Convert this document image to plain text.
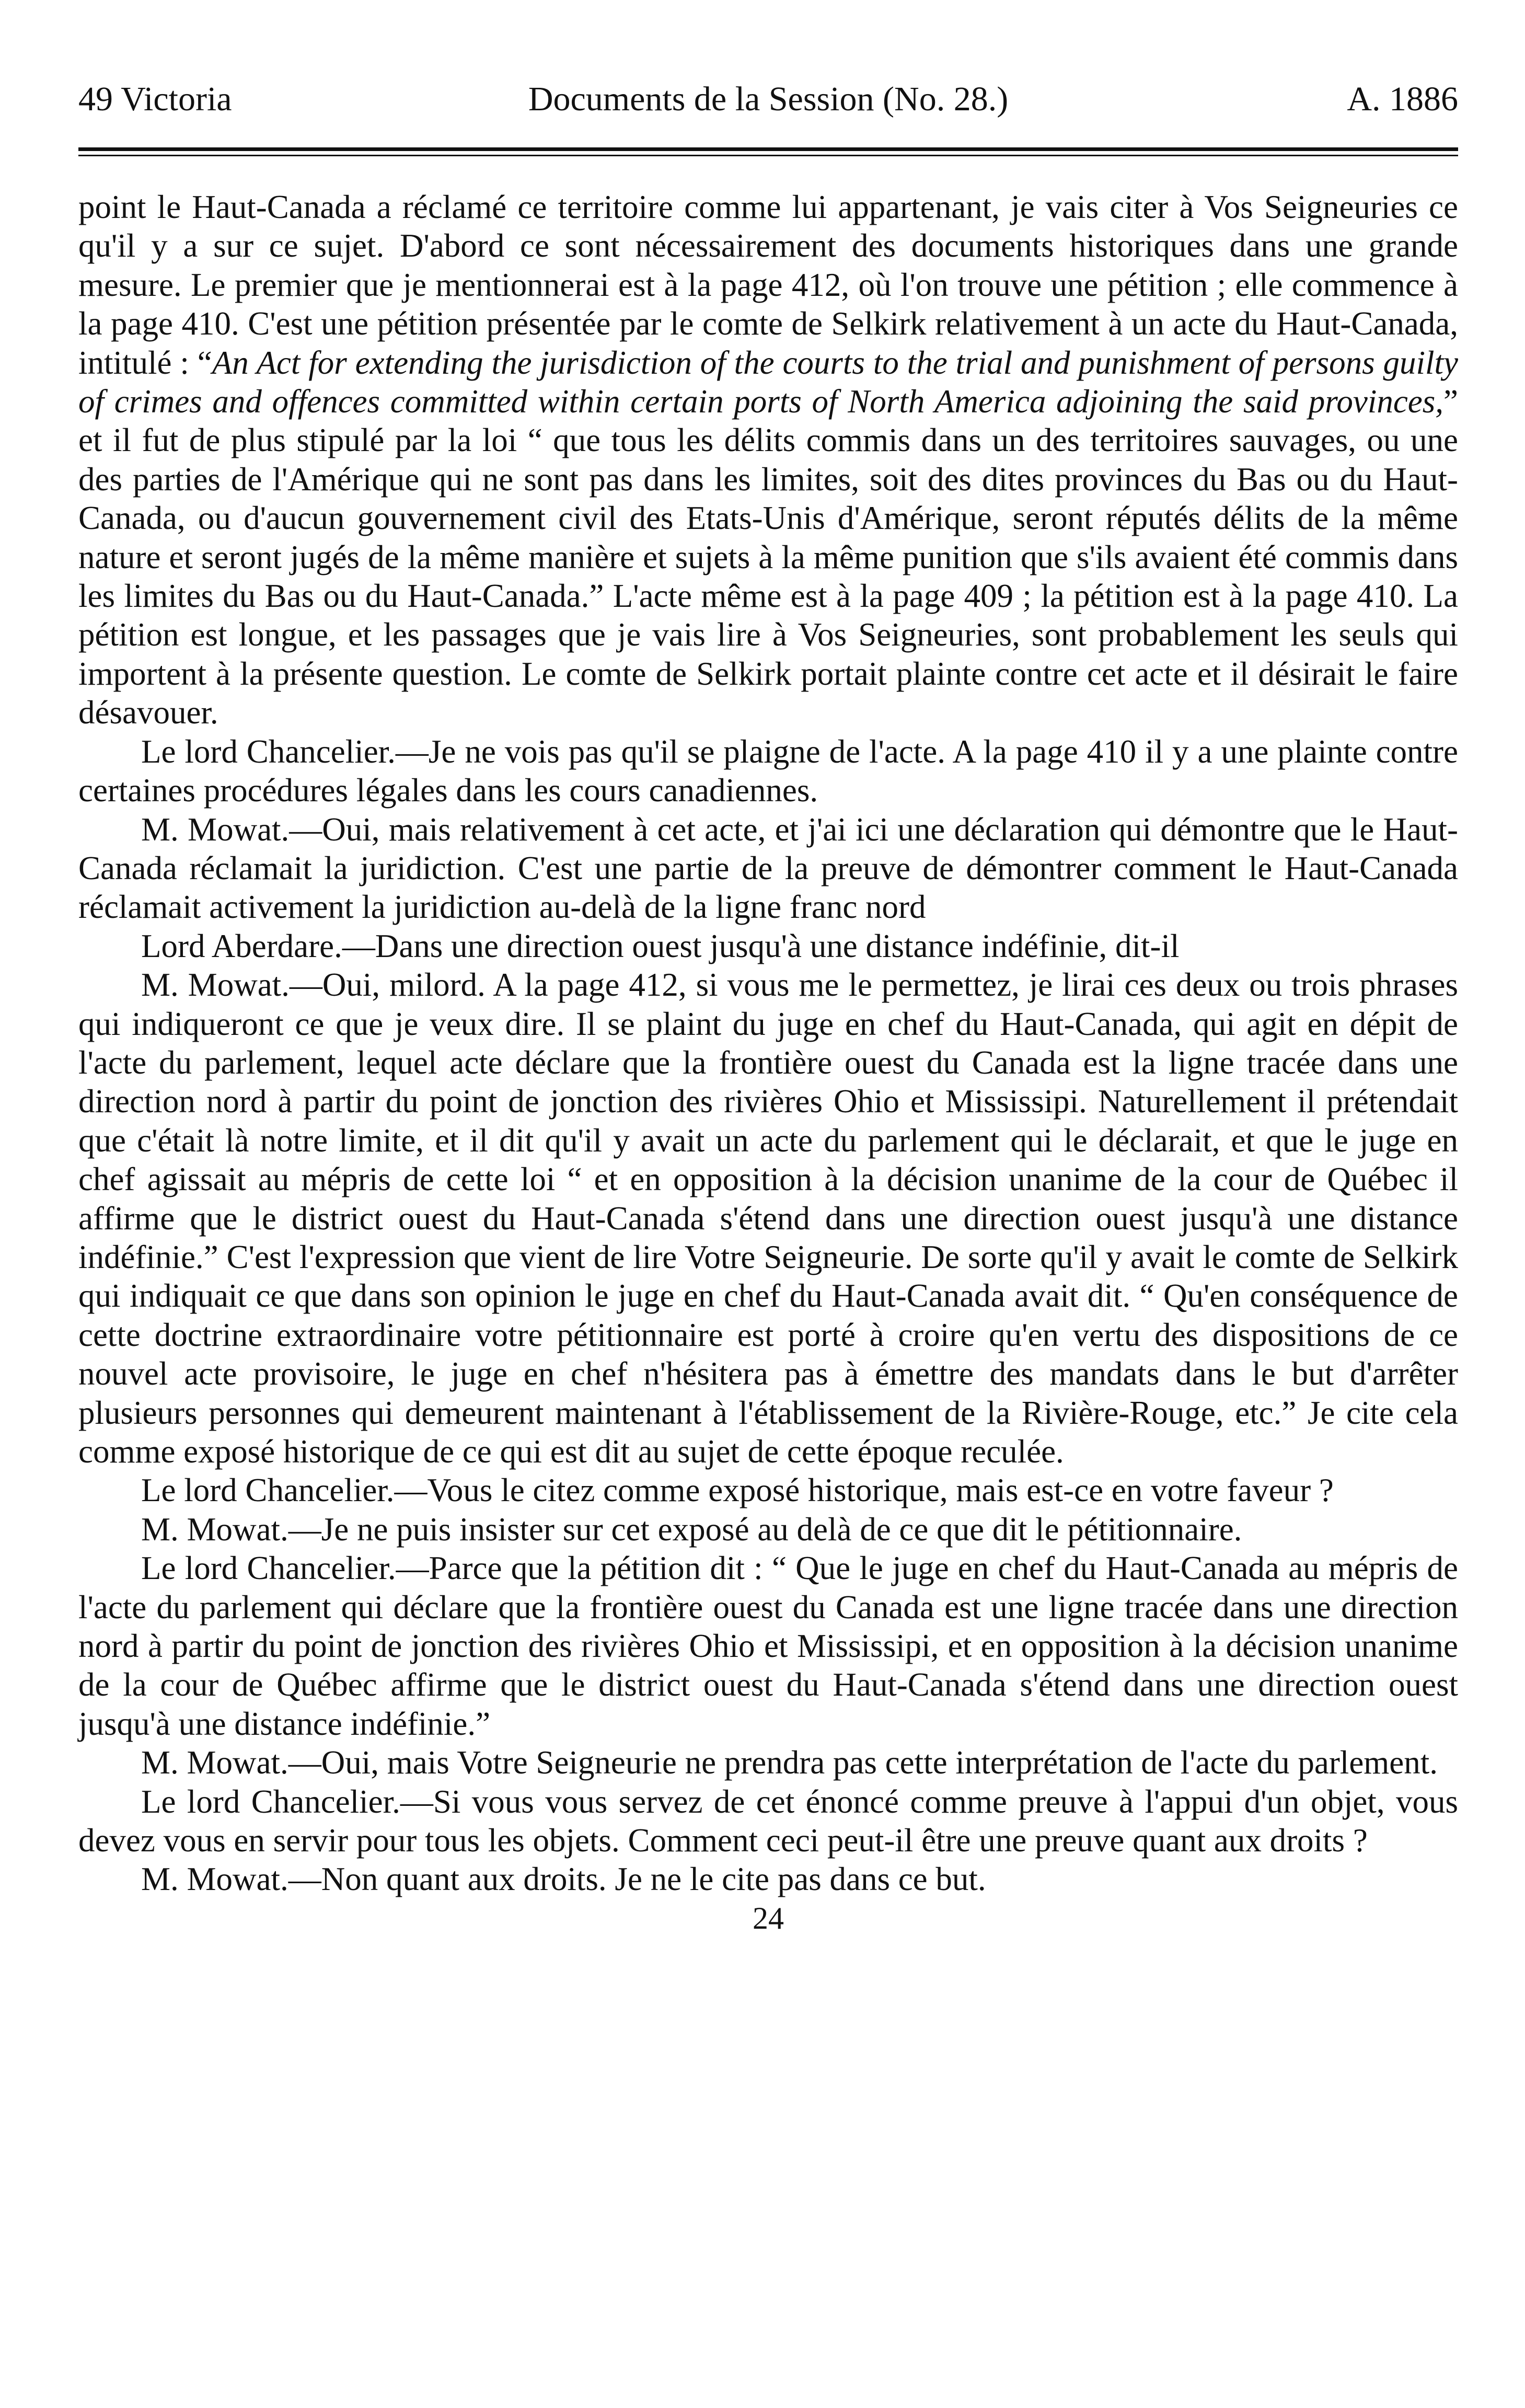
49 Victoria	Documents de la Session (No. 28.)	A. 1886

point le Haut-Canada a réclamé ce territoire comme lui appartenant, je vais citer à Vos Seigneuries ce qu'il y a sur ce sujet. D'abord ce sont nécessairement des documents historiques dans une grande mesure. Le premier que je mentionnerai est à la page 412, où l'on trouve une pétition ; elle commence à la page 410. C'est une pétition présentée par le comte de Selkirk relativement à un acte du Haut-Canada, intitulé : “An Act for extending the jurisdiction of the courts to the trial and punishment of persons guilty of crimes and offences committed within certain ports of North America adjoining the said provinces,” et il fut de plus stipulé par la loi “ que tous les délits commis dans un des territoires sauvages, ou une des parties de l'Amérique qui ne sont pas dans les limites, soit des dites provinces du Bas ou du Haut-Canada, ou d'aucun gouvernement civil des Etats-Unis d'Amérique, seront réputés délits de la même nature et seront jugés de la même manière et sujets à la même punition que s'ils avaient été commis dans les limites du Bas ou du Haut-Canada.” L'acte même est à la page 409 ; la pétition est à la page 410. La pétition est longue, et les passages que je vais lire à Vos Seigneuries, sont probablement les seuls qui importent à la présente question. Le comte de Selkirk portait plainte contre cet acte et il désirait le faire désavouer.

Le lord Chancelier.—Je ne vois pas qu'il se plaigne de l'acte. A la page 410 il y a une plainte contre certaines procédures légales dans les cours canadiennes.

M. Mowat.—Oui, mais relativement à cet acte, et j'ai ici une déclaration qui démontre que le Haut-Canada réclamait la juridiction. C'est une partie de la preuve de démontrer comment le Haut-Canada réclamait activement la juridiction au-delà de la ligne franc nord

Lord Aberdare.—Dans une direction ouest jusqu'à une distance indéfinie, dit-il

M. Mowat.—Oui, milord. A la page 412, si vous me le permettez, je lirai ces deux ou trois phrases qui indiqueront ce que je veux dire. Il se plaint du juge en chef du Haut-Canada, qui agit en dépit de l'acte du parlement, lequel acte déclare que la frontière ouest du Canada est la ligne tracée dans une direction nord à partir du point de jonction des rivières Ohio et Mississipi. Naturellement il prétendait que c'était là notre limite, et il dit qu'il y avait un acte du parlement qui le déclarait, et que le juge en chef agissait au mépris de cette loi “ et en opposition à la décision unanime de la cour de Québec il affirme que le district ouest du Haut-Canada s'étend dans une direction ouest jusqu'à une distance indéfinie.” C'est l'expression que vient de lire Votre Seigneurie. De sorte qu'il y avait le comte de Selkirk qui indiquait ce que dans son opinion le juge en chef du Haut-Canada avait dit. “ Qu'en conséquence de cette doctrine extraordinaire votre pétitionnaire est porté à croire qu'en vertu des dispositions de ce nouvel acte provisoire, le juge en chef n'hésitera pas à émettre des mandats dans le but d'arrêter plusieurs personnes qui demeurent maintenant à l'établissement de la Rivière-Rouge, etc.” Je cite cela comme exposé historique de ce qui est dit au sujet de cette époque reculée.

Le lord Chancelier.—Vous le citez comme exposé historique, mais est-ce en votre faveur ?

M. Mowat.—Je ne puis insister sur cet exposé au delà de ce que dit le pétitionnaire.

Le lord Chancelier.—Parce que la pétition dit : “ Que le juge en chef du Haut-Canada au mépris de l'acte du parlement qui déclare que la frontière ouest du Canada est une ligne tracée dans une direction nord à partir du point de jonction des rivières Ohio et Mississipi, et en opposition à la décision unanime de la cour de Québec affirme que le district ouest du Haut-Canada s'étend dans une direction ouest jusqu'à une distance indéfinie.”

M. Mowat.—Oui, mais Votre Seigneurie ne prendra pas cette interprétation de l'acte du parlement.

Le lord Chancelier.—Si vous vous servez de cet énoncé comme preuve à l'appui d'un objet, vous devez vous en servir pour tous les objets. Comment ceci peut-il être une preuve quant aux droits ?

M. Mowat.—Non quant aux droits. Je ne le cite pas dans ce but.

24
